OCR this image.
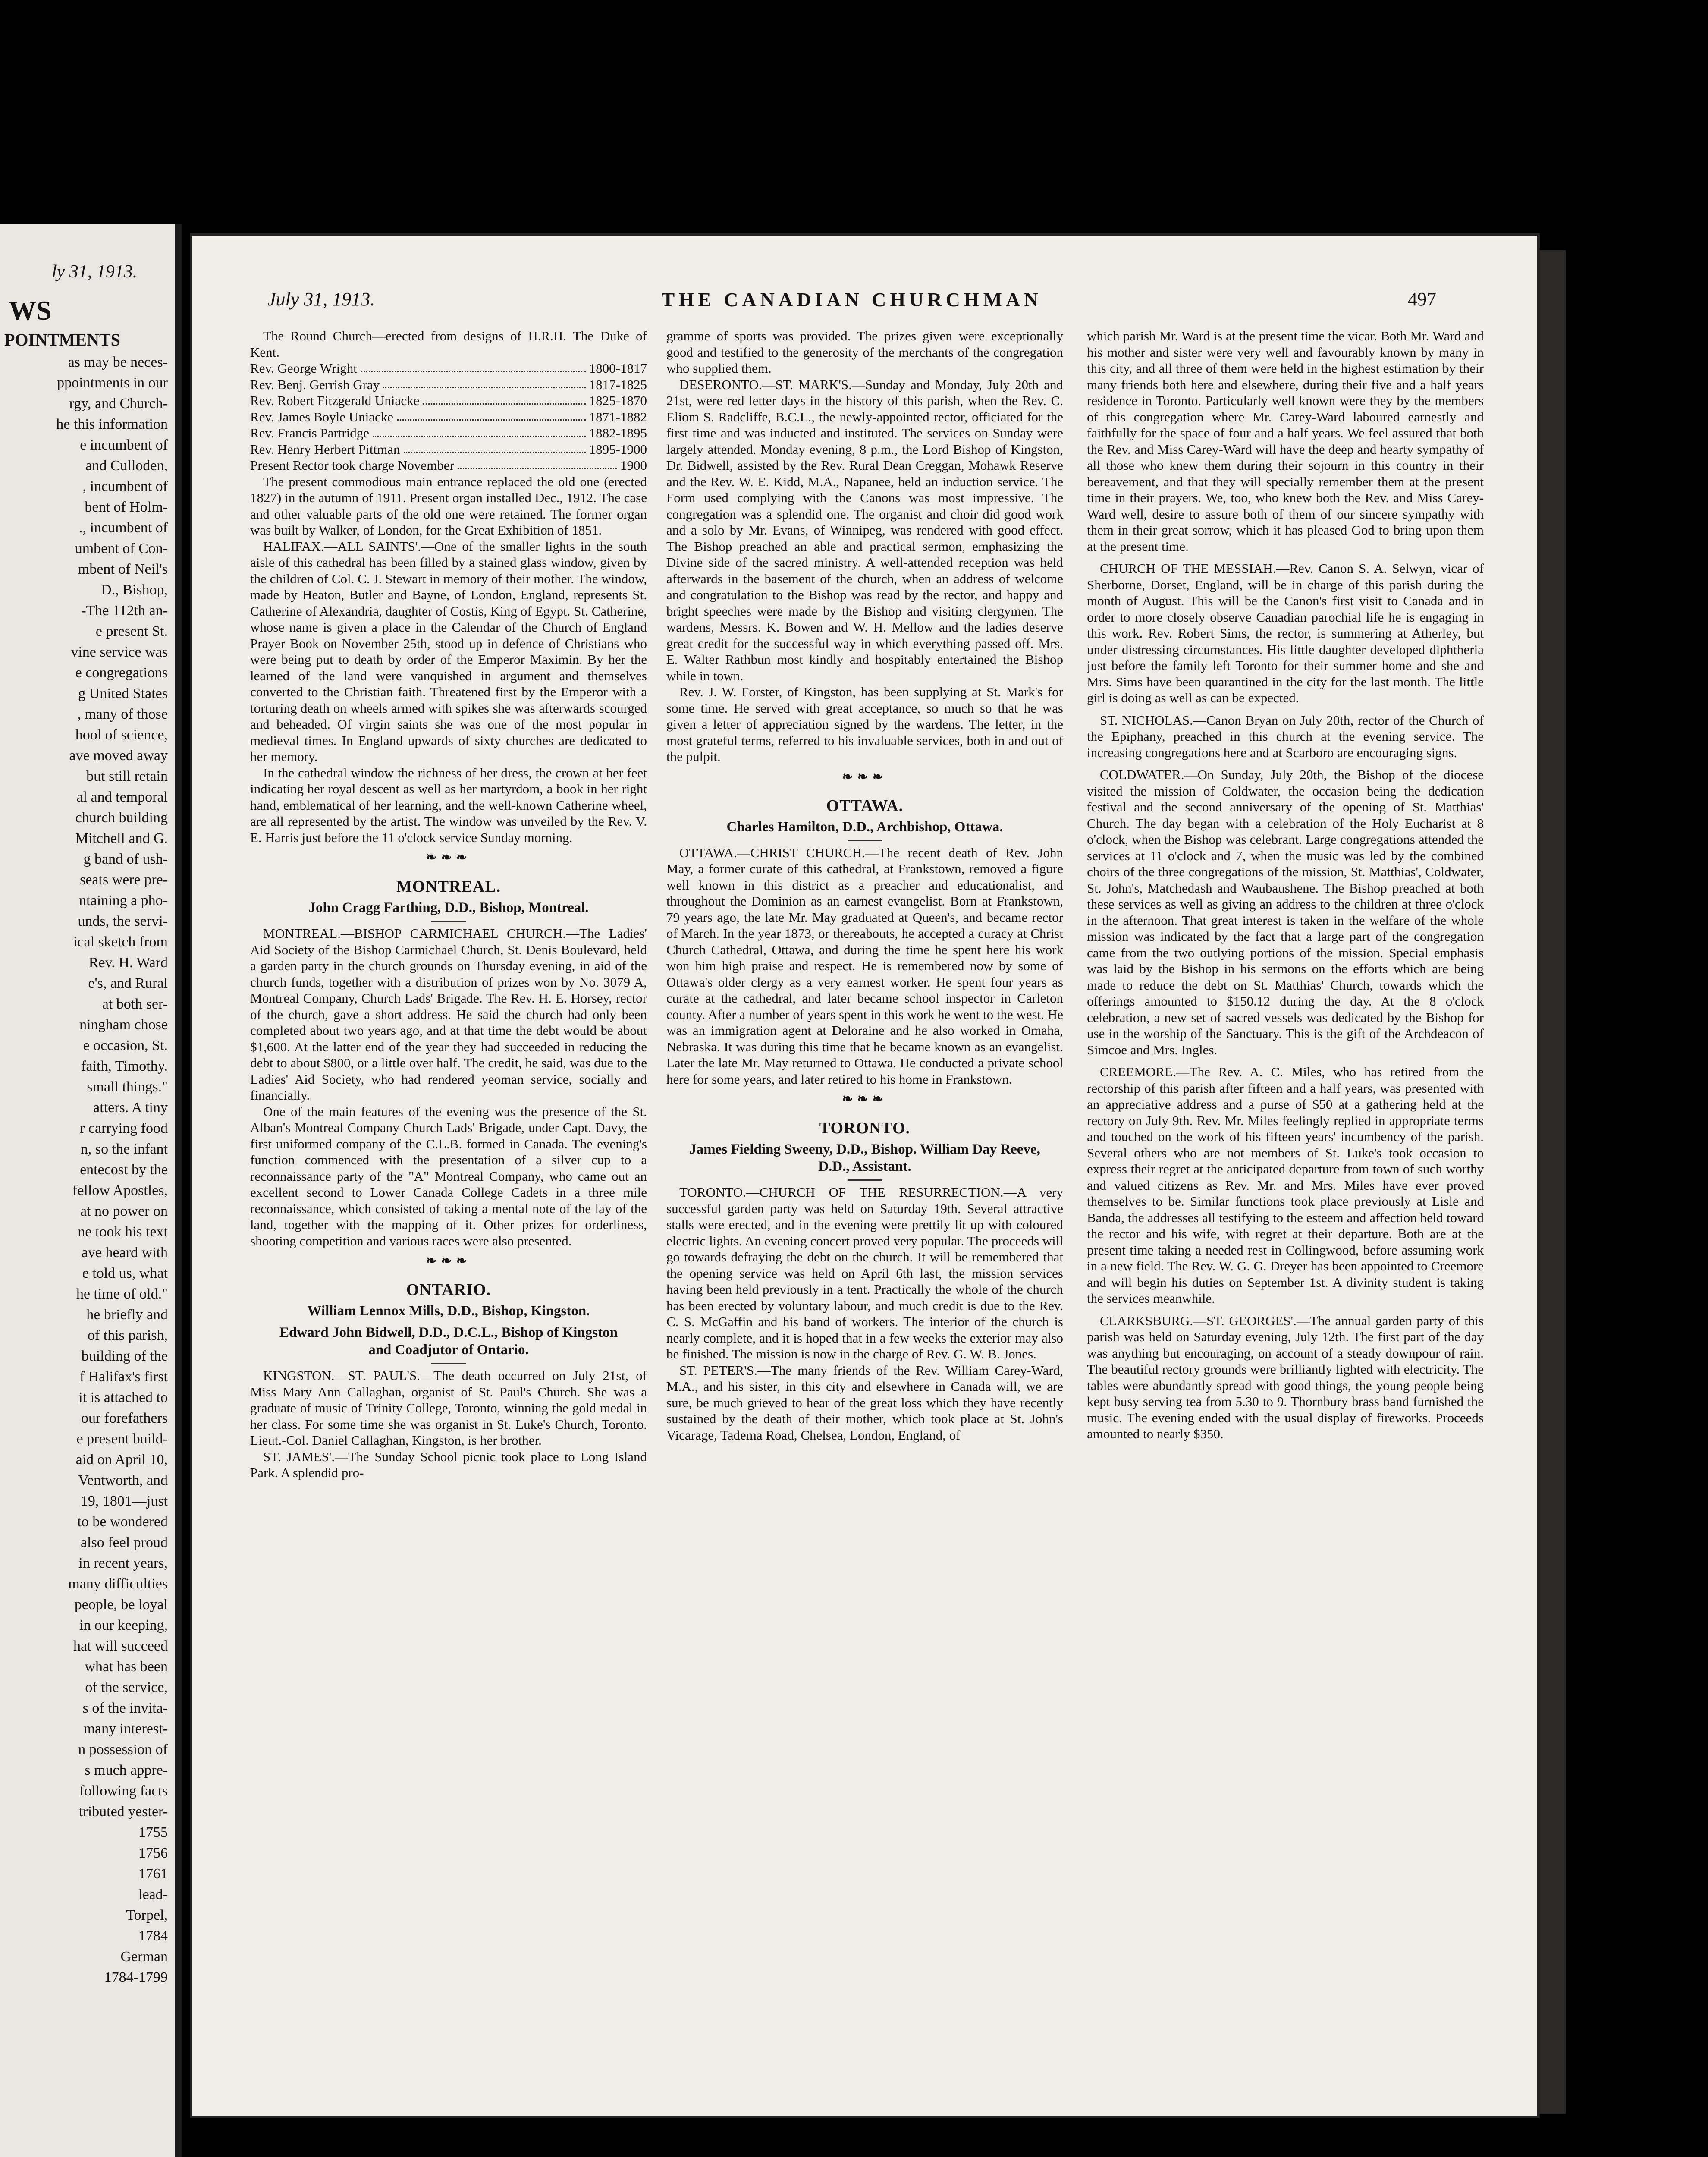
ly 31, 1913.
WS
POINTMENTS
as may be neces-
ppointments in our
rgy, and Church-
he this information
e incumbent of
and Culloden,
, incumbent of
bent of Holm-
., incumbent of
umbent of Con-
mbent of Neil's
D., Bishop,
-The 112th an-
e present St.
vine service was
e congregations
g United States
, many of those
hool of science,
ave moved away
but still retain
al and temporal
church building
Mitchell and G.
g band of ush-
seats were pre-
ntaining a pho-
unds, the servi-
ical sketch from
Rev. H. Ward
e's, and Rural
at both ser-
ningham chose
e occasion, St.
faith, Timothy.
small things."
atters. A tiny
r carrying food
n, so the infant
entecost by the
fellow Apostles,
at no power on
ne took his text
ave heard with
e told us, what
he time of old."
he briefly and
of this parish,
building of the
f Halifax's first
it is attached to
our forefathers
e present build-
aid on April 10,
Ventworth, and
19, 1801—just
to be wondered
also feel proud
in recent years,
many difficulties
people, be loyal
in our keeping,
hat will succeed
what has been
of the service,
s of the invita-
many interest-
n possession of
s much appre-
following facts
tributed yester-
1755
1756
1761
lead-
Torpel,
1784
German
1784-1799
July 31, 1913.	THE CANADIAN CHURCHMAN	497

The Round Church—erected from designs of H.R.H. The Duke of Kent.

Rev. George Wright	1800-1817
Rev. Benj. Gerrish Gray	1817-1825
Rev. Robert Fitzgerald Uniacke	1825-1870
Rev. James Boyle Uniacke	1871-1882
Rev. Francis Partridge	1882-1895
Rev. Henry Herbert Pittman	1895-1900
Present Rector took charge November	1900

The present commodious main entrance replaced the old one (erected 1827) in the autumn of 1911. Present organ installed Dec., 1912. The case and other valuable parts of the old one were retained. The former organ was built by Walker, of London, for the Great Exhibition of 1851.

HALIFAX.—ALL SAINTS'.—One of the smaller lights in the south aisle of this cathedral has been filled by a stained glass window, given by the children of Col. C. J. Stewart in memory of their mother. The window, made by Heaton, Butler and Bayne, of London, England, represents St. Catherine of Alexandria, daughter of Costis, King of Egypt. St. Catherine, whose name is given a place in the Calendar of the Church of England Prayer Book on November 25th, stood up in defence of Christians who were being put to death by order of the Emperor Maximin. By her the learned of the land were vanquished in argument and themselves converted to the Christian faith. Threatened first by the Emperor with a torturing death on wheels armed with spikes she was afterwards scourged and beheaded. Of virgin saints she was one of the most popular in medieval times. In England upwards of sixty churches are dedicated to her memory.

In the cathedral window the richness of her dress, the crown at her feet indicating her royal descent as well as her martyrdom, a book in her right hand, emblematical of her learning, and the well-known Catherine wheel, are all represented by the artist. The window was unveiled by the Rev. V. E. Harris just before the 11 o'clock service Sunday morning.

❧❧❧
MONTREAL.
John Cragg Farthing, D.D., Bishop, Montreal.

MONTREAL.—BISHOP CARMICHAEL CHURCH.—The Ladies' Aid Society of the Bishop Carmichael Church, St. Denis Boulevard, held a garden party in the church grounds on Thursday evening, in aid of the church funds, together with a distribution of prizes won by No. 3079 A, Montreal Company, Church Lads' Brigade. The Rev. H. E. Horsey, rector of the church, gave a short address. He said the church had only been completed about two years ago, and at that time the debt would be about $1,600. At the latter end of the year they had succeeded in reducing the debt to about $800, or a little over half. The credit, he said, was due to the Ladies' Aid Society, who had rendered yeoman service, socially and financially.

One of the main features of the evening was the presence of the St. Alban's Montreal Company Church Lads' Brigade, under Capt. Davy, the first uniformed company of the C.L.B. formed in Canada. The evening's function commenced with the presentation of a silver cup to a reconnaissance party of the "A" Montreal Company, who came out an excellent second to Lower Canada College Cadets in a three mile reconnaissance, which consisted of taking a mental note of the lay of the land, together with the mapping of it. Other prizes for orderliness, shooting competition and various races were also presented.

❧❧❧
ONTARIO.
William Lennox Mills, D.D., Bishop, Kingston.
Edward John Bidwell, D.D., D.C.L., Bishop of Kingston and Coadjutor of Ontario.

KINGSTON.—ST. PAUL'S.—The death occurred on July 21st, of Miss Mary Ann Callaghan, organist of St. Paul's Church. She was a graduate of music of Trinity College, Toronto, winning the gold medal in her class. For some time she was organist in St. Luke's Church, Toronto. Lieut.-Col. Daniel Callaghan, Kingston, is her brother.

ST. JAMES'.—The Sunday School picnic took place to Long Island Park. A splendid pro-

gramme of sports was provided. The prizes given were exceptionally good and testified to the generosity of the merchants of the congregation who supplied them.

DESERONTO.—ST. MARK'S.—Sunday and Monday, July 20th and 21st, were red letter days in the history of this parish, when the Rev. C. Eliom S. Radcliffe, B.C.L., the newly-appointed rector, officiated for the first time and was inducted and instituted. The services on Sunday were largely attended. Monday evening, 8 p.m., the Lord Bishop of Kingston, Dr. Bidwell, assisted by the Rev. Rural Dean Creggan, Mohawk Reserve and the Rev. W. E. Kidd, M.A., Napanee, held an induction service. The Form used complying with the Canons was most impressive. The congregation was a splendid one. The organist and choir did good work and a solo by Mr. Evans, of Winnipeg, was rendered with good effect. The Bishop preached an able and practical sermon, emphasizing the Divine side of the sacred ministry. A well-attended reception was held afterwards in the basement of the church, when an address of welcome and congratulation to the Bishop was read by the rector, and happy and bright speeches were made by the Bishop and visiting clergymen. The wardens, Messrs. K. Bowen and W. H. Mellow and the ladies deserve great credit for the successful way in which everything passed off. Mrs. E. Walter Rathbun most kindly and hospitably entertained the Bishop while in town.

Rev. J. W. Forster, of Kingston, has been supplying at St. Mark's for some time. He served with great acceptance, so much so that he was given a letter of appreciation signed by the wardens. The letter, in the most grateful terms, referred to his invaluable services, both in and out of the pulpit.

❧❧❧
OTTAWA.
Charles Hamilton, D.D., Archbishop, Ottawa.

OTTAWA.—CHRIST CHURCH.—The recent death of Rev. John May, a former curate of this cathedral, at Frankstown, removed a figure well known in this district as a preacher and educationalist, and throughout the Dominion as an earnest evangelist. Born at Frankstown, 79 years ago, the late Mr. May graduated at Queen's, and became rector of March. In the year 1873, or thereabouts, he accepted a curacy at Christ Church Cathedral, Ottawa, and during the time he spent here his work won him high praise and respect. He is remembered now by some of Ottawa's older clergy as a very earnest worker. He spent four years as curate at the cathedral, and later became school inspector in Carleton county. After a number of years spent in this work he went to the west. He was an immigration agent at Deloraine and he also worked in Omaha, Nebraska. It was during this time that he became known as an evangelist. Later the late Mr. May returned to Ottawa. He conducted a private school here for some years, and later retired to his home in Frankstown.

❧❧❧
TORONTO.
James Fielding Sweeny, D.D., Bishop. William Day Reeve, D.D., Assistant.

TORONTO.—CHURCH OF THE RESURRECTION.—A very successful garden party was held on Saturday 19th. Several attractive stalls were erected, and in the evening were prettily lit up with coloured electric lights. An evening concert proved very popular. The proceeds will go towards defraying the debt on the church. It will be remembered that the opening service was held on April 6th last, the mission services having been held previously in a tent. Practically the whole of the church has been erected by voluntary labour, and much credit is due to the Rev. C. S. McGaffin and his band of workers. The interior of the church is nearly complete, and it is hoped that in a few weeks the exterior may also be finished. The mission is now in the charge of Rev. G. W. B. Jones.

ST. PETER'S.—The many friends of the Rev. William Carey-Ward, M.A., and his sister, in this city and elsewhere in Canada will, we are sure, be much grieved to hear of the great loss which they have recently sustained by the death of their mother, which took place at St. John's Vicarage, Tadema Road, Chelsea, London, England, of

which parish Mr. Ward is at the present time the vicar. Both Mr. Ward and his mother and sister were very well and favourably known by many in this city, and all three of them were held in the highest estimation by their many friends both here and elsewhere, during their five and a half years residence in Toronto. Particularly well known were they by the members of this congregation where Mr. Carey-Ward laboured earnestly and faithfully for the space of four and a half years. We feel assured that both the Rev. and Miss Carey-Ward will have the deep and hearty sympathy of all those who knew them during their sojourn in this country in their bereavement, and that they will specially remember them at the present time in their prayers. We, too, who knew both the Rev. and Miss Carey-Ward well, desire to assure both of them of our sincere sympathy with them in their great sorrow, which it has pleased God to bring upon them at the present time.

CHURCH OF THE MESSIAH.—Rev. Canon S. A. Selwyn, vicar of Sherborne, Dorset, England, will be in charge of this parish during the month of August. This will be the Canon's first visit to Canada and in order to more closely observe Canadian parochial life he is engaging in this work. Rev. Robert Sims, the rector, is summering at Atherley, but under distressing circumstances. His little daughter developed diphtheria just before the family left Toronto for their summer home and she and Mrs. Sims have been quarantined in the city for the last month. The little girl is doing as well as can be expected.

ST. NICHOLAS.—Canon Bryan on July 20th, rector of the Church of the Epiphany, preached in this church at the evening service. The increasing congregations here and at Scarboro are encouraging signs.

COLDWATER.—On Sunday, July 20th, the Bishop of the diocese visited the mission of Coldwater, the occasion being the dedication festival and the second anniversary of the opening of St. Matthias' Church. The day began with a celebration of the Holy Eucharist at 8 o'clock, when the Bishop was celebrant. Large congregations attended the services at 11 o'clock and 7, when the music was led by the combined choirs of the three congregations of the mission, St. Matthias', Coldwater, St. John's, Matchedash and Waubaushene. The Bishop preached at both these services as well as giving an address to the children at three o'clock in the afternoon. That great interest is taken in the welfare of the whole mission was indicated by the fact that a large part of the congregation came from the two outlying portions of the mission. Special emphasis was laid by the Bishop in his sermons on the efforts which are being made to reduce the debt on St. Matthias' Church, towards which the offerings amounted to $150.12 during the day. At the 8 o'clock celebration, a new set of sacred vessels was dedicated by the Bishop for use in the worship of the Sanctuary. This is the gift of the Archdeacon of Simcoe and Mrs. Ingles.

CREEMORE.—The Rev. A. C. Miles, who has retired from the rectorship of this parish after fifteen and a half years, was presented with an appreciative address and a purse of $50 at a gathering held at the rectory on July 9th. Rev. Mr. Miles feelingly replied in appropriate terms and touched on the work of his fifteen years' incumbency of the parish. Several others who are not members of St. Luke's took occasion to express their regret at the anticipated departure from town of such worthy and valued citizens as Rev. Mr. and Mrs. Miles have ever proved themselves to be. Similar functions took place previously at Lisle and Banda, the addresses all testifying to the esteem and affection held toward the rector and his wife, with regret at their departure. Both are at the present time taking a needed rest in Collingwood, before assuming work in a new field. The Rev. W. G. G. Dreyer has been appointed to Creemore and will begin his duties on September 1st. A divinity student is taking the services meanwhile.

CLARKSBURG.—ST. GEORGES'.—The annual garden party of this parish was held on Saturday evening, July 12th. The first part of the day was anything but encouraging, on account of a steady downpour of rain. The beautiful rectory grounds were brilliantly lighted with electricity. The tables were abundantly spread with good things, the young people being kept busy serving tea from 5.30 to 9. Thornbury brass band furnished the music. The evening ended with the usual display of fireworks. Proceeds amounted to nearly $350.
